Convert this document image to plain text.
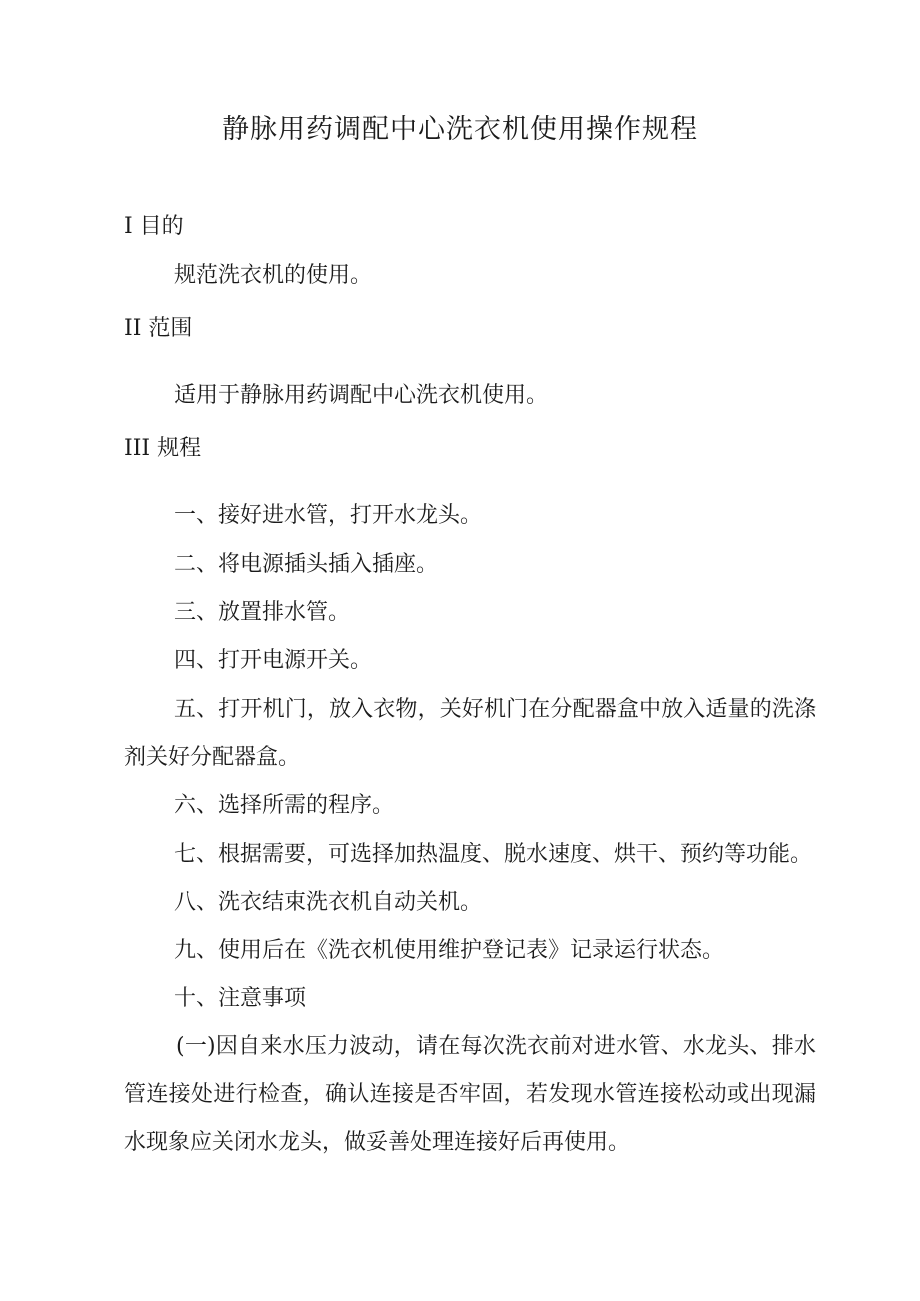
静脉用药调配中心洗衣机使用操作规程
I 目的
规范洗衣机的使用。
II 范围
适用于静脉用药调配中心洗衣机使用。
III 规程
一、接好进水管，打开水龙头。
二、将电源插头插入插座。
三、放置排水管。
四、打开电源开关。
五、打开机门，放入衣物，关好机门在分配器盒中放入适量的洗涤剂关好分配器盒。
六、选择所需的程序。
七、根据需要，可选择加热温度、脱水速度、烘干、预约等功能。
八、洗衣结束洗衣机自动关机。
九、使用后在《洗衣机使用维护登记表》记录运行状态。
十、注意事项
(一)因自来水压力波动，请在每次洗衣前对进水管、水龙头、排水管连接处进行检查，确认连接是否牢固，若发现水管连接松动或出现漏水现象应关闭水龙头，做妥善处理连接好后再使用。
